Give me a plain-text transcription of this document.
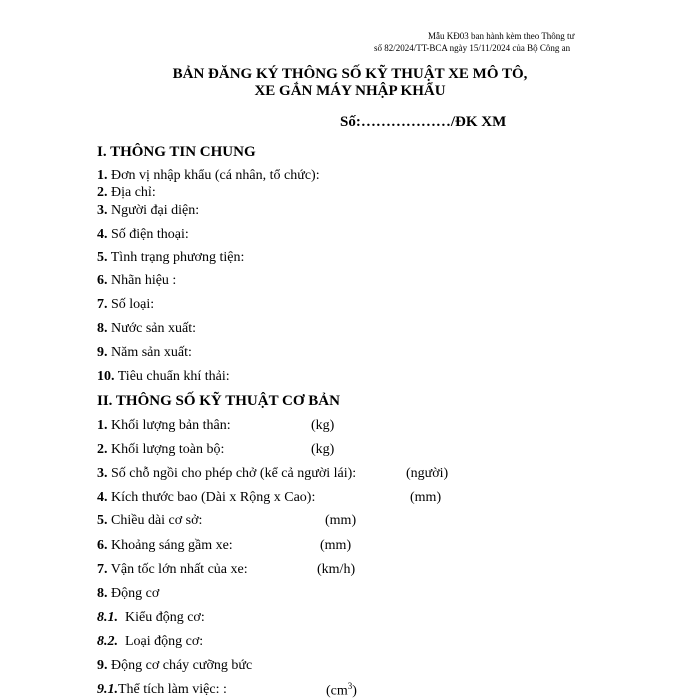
Mẫu KĐ03 ban hành kèm theo Thông tư
số 82/2024/TT-BCA ngày 15/11/2024 của Bộ Công an
BẢN ĐĂNG KÝ THÔNG SỐ KỸ THUẬT XE MÔ TÔ,
XE GẮN MÁY NHẬP KHẨU
Số:………………/ĐK XM
I. THÔNG TIN CHUNG
1. Đơn vị nhập khẩu (cá nhân, tổ chức):
2. Địa chỉ:
3. Người đại diện:
4. Số điện thoại:
5. Tình trạng phương tiện:
6. Nhãn hiệu :
7. Số loại:
8. Nước sản xuất:
9. Năm sản xuất:
10. Tiêu chuẩn khí thải:
II. THÔNG SỐ KỸ THUẬT CƠ BẢN
1. Khối lượng bản thân:	(kg)
2. Khối lượng toàn bộ:	(kg)
3. Số chỗ ngồi cho phép chở (kể cả người lái):	(người)
4. Kích thước bao (Dài x Rộng x Cao):	(mm)
5. Chiều dài cơ sở:	(mm)
6. Khoảng sáng gầm xe:	(mm)
7. Vận tốc lớn nhất của xe:	(km/h)
8. Động cơ
8.1. Kiểu động cơ:
8.2. Loại động cơ:
9. Động cơ cháy cưỡng bức
9.1.Thể tích làm việc: :	$(cm^3)$
